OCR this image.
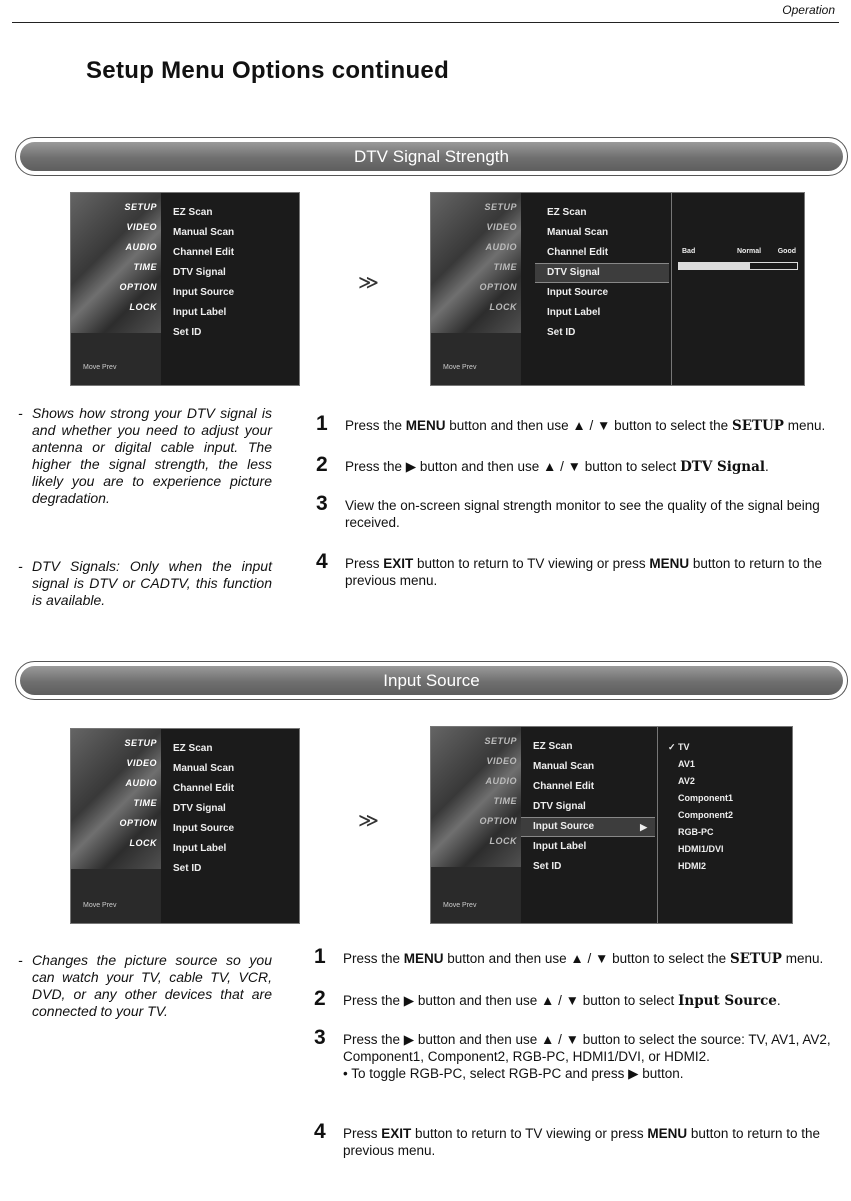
Operation
Setup Menu Options continued
DTV Signal Strength
SETUP
VIDEO
AUDIO
TIME
OPTION
LOCK
Move Prev
EZ Scan
Manual Scan
Channel Edit
DTV Signal
Input Source
Input Label
Set ID
≫
SETUP
VIDEO
AUDIO
TIME
OPTION
LOCK
Move Prev
EZ Scan
Manual Scan
Channel Edit
DTV Signal
Input Source
Input Label
Set ID
Bad	Normal Good
- Shows how strong your DTV signal is and whether you need to adjust your antenna or digital cable input. The higher the signal strength, the less likely you are to experience picture degradation.
- DTV Signals: Only when the input signal is DTV or CADTV, this function is available.
1 Press the MENU button and then use ▲ / ▼ button to select the SETUP menu.
2 Press the ▶ button and then use ▲ / ▼ button to select DTV Signal.
3 View the on-screen signal strength monitor to see the quality of the signal being received.
4 Press EXIT button to return to TV viewing or press MENU button to return to the previous menu.
Input Source
SETUP
VIDEO
AUDIO
TIME
OPTION
LOCK
Move Prev
EZ Scan
Manual Scan
Channel Edit
DTV Signal
Input Source
Input Label
Set ID
≫
SETUP
VIDEO
AUDIO
TIME
OPTION
LOCK
Move Prev
EZ Scan
Manual Scan
Channel Edit
DTV Signal
Input Source	▶
Input Label
Set ID
✓ TV
AV1
AV2
Component1
Component2
RGB-PC
HDMI1/DVI
HDMI2
- Changes the picture source so you can watch your TV, cable TV, VCR, DVD, or any other devices that are connected to your TV.
1 Press the MENU button and then use ▲ / ▼ button to select the SETUP menu.
2 Press the ▶ button and then use ▲ / ▼ button to select Input Source.
3 Press the ▶ button and then use ▲ / ▼ button to select the source: TV, AV1, AV2, Component1, Component2, RGB-PC, HDMI1/DVI, or HDMI2.
• To toggle RGB-PC, select RGB-PC and press ▶ button.
4 Press EXIT button to return to TV viewing or press MENU button to return to the previous menu.
